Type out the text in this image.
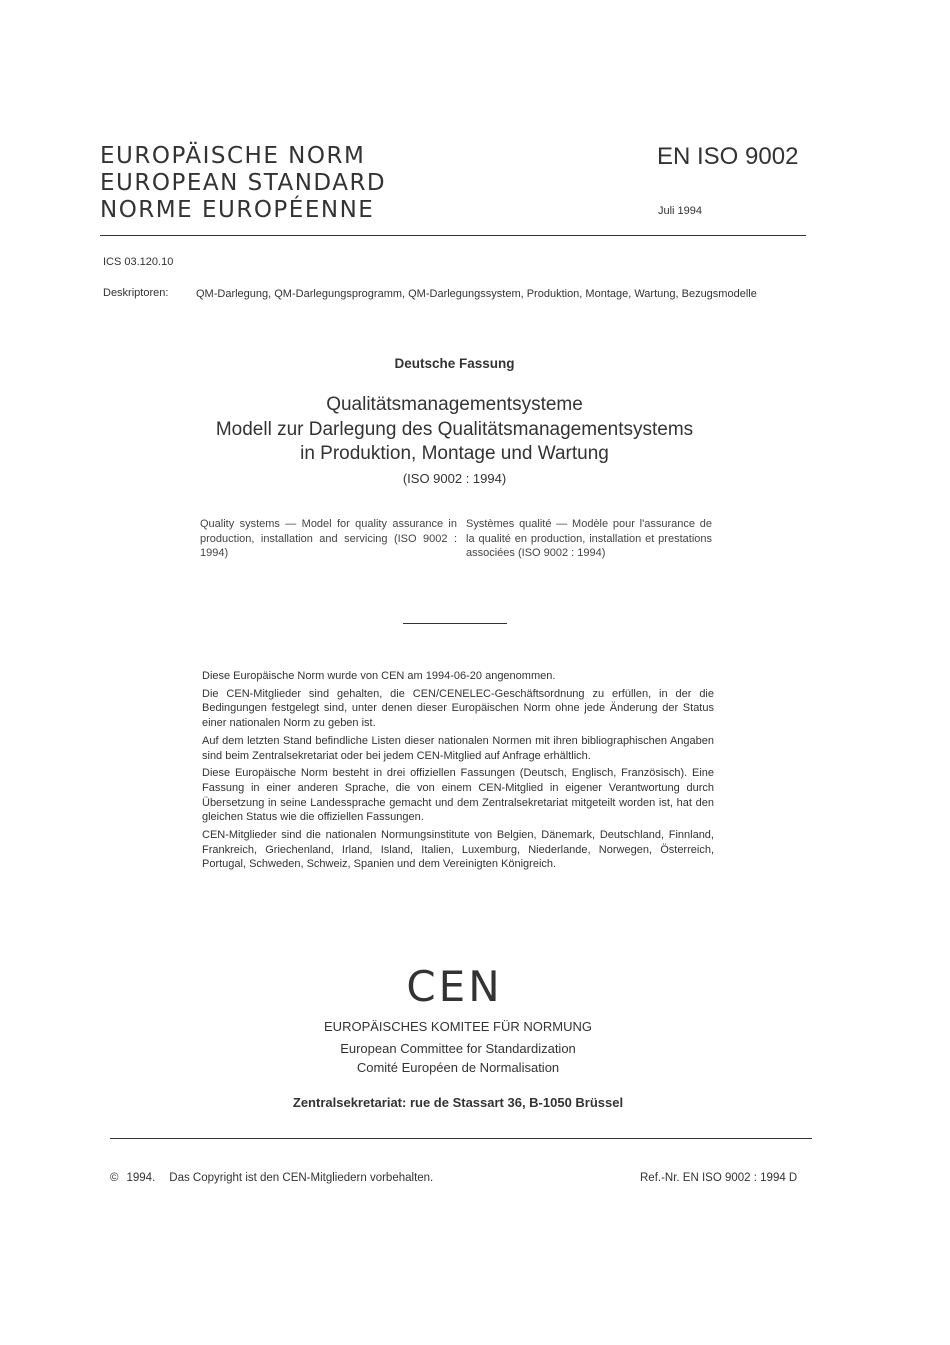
EUROPÄISCHE NORM
EUROPEAN STANDARD
NORME EUROPÉENNE
EN ISO 9002
Juli 1994
ICS 03.120.10
Deskriptoren:	QM-Darlegung, QM-Darlegungsprogramm, QM-Darlegungssystem, Produktion, Montage, Wartung, Bezugsmodelle
Deutsche Fassung
Qualitätsmanagementsysteme
Modell zur Darlegung des Qualitätsmanagementsystems
in Produktion, Montage und Wartung
(ISO 9002 : 1994)
Quality systems — Model for quality assurance in production, installation and servicing (ISO 9002 : 1994)
Systèmes qualité — Modèle pour l'assurance de la qualité en production, installation et prestations associées (ISO 9002 : 1994)

Diese Europäische Norm wurde von CEN am 1994-06-20 angenommen.

Die CEN-Mitglieder sind gehalten, die CEN/CENELEC-Geschäftsordnung zu erfüllen, in der die Bedingungen festgelegt sind, unter denen dieser Europäischen Norm ohne jede Änderung der Status einer nationalen Norm zu geben ist.

Auf dem letzten Stand befindliche Listen dieser nationalen Normen mit ihren bibliographischen Angaben sind beim Zentralsekretariat oder bei jedem CEN-Mitglied auf Anfrage erhältlich.

Diese Europäische Norm besteht in drei offiziellen Fassungen (Deutsch, Englisch, Französisch). Eine Fassung in einer anderen Sprache, die von einem CEN-Mitglied in eigener Verantwortung durch Übersetzung in seine Landessprache gemacht und dem Zentralsekretariat mitgeteilt worden ist, hat den gleichen Status wie die offiziellen Fassungen.

CEN-Mitglieder sind die nationalen Normungsinstitute von Belgien, Dänemark, Deutschland, Finnland, Frankreich, Griechenland, Irland, Island, Italien, Luxemburg, Niederlande, Norwegen, Österreich, Portugal, Schweden, Schweiz, Spanien und dem Vereinigten Königreich.

CEN
EUROPÄISCHES KOMITEE FÜR NORMUNG
European Committee for Standardization
Comité Européen de Normalisation
Zentralsekretariat: rue de Stassart 36, B-1050 Brüssel
© 1994. Das Copyright ist den CEN-Mitgliedern vorbehalten.	Ref.-Nr. EN ISO 9002 : 1994 D
